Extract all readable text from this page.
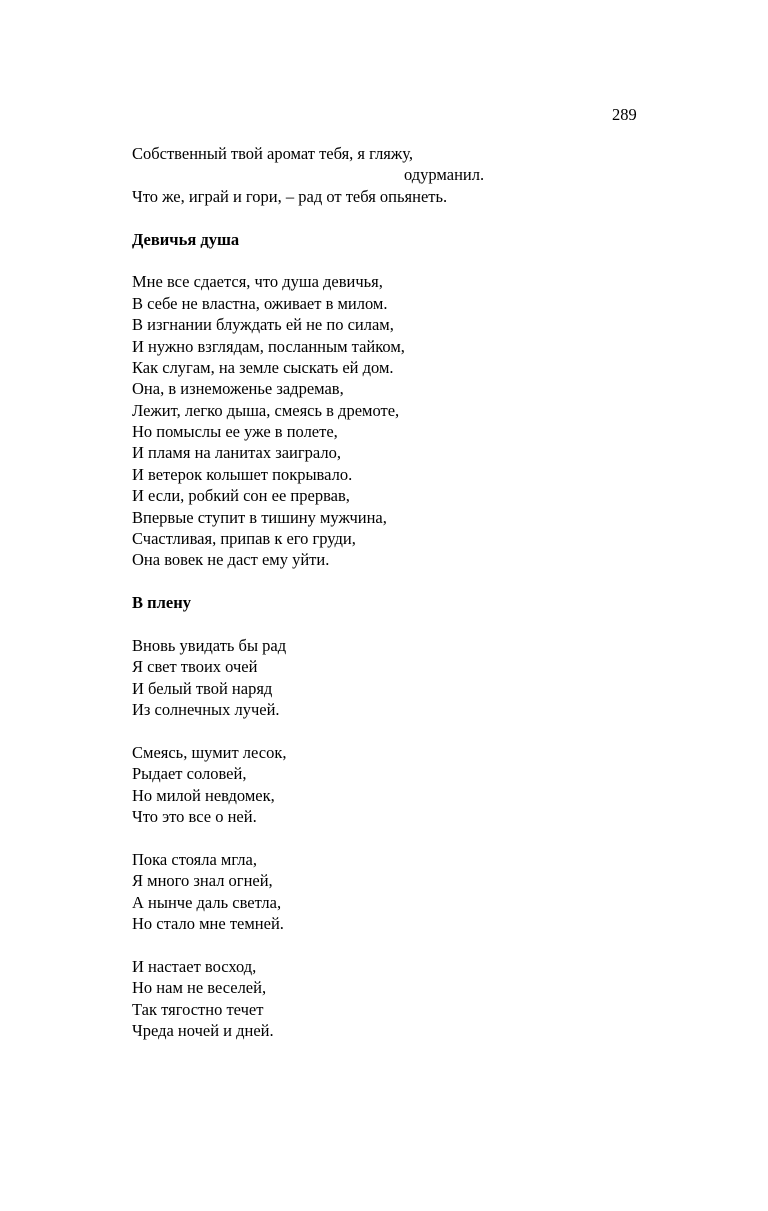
289
Собственный твой аромат тебя, я гляжу,
одурманил.
Что же, играй и гори, – рад от тебя опьянеть.
Девичья душа
Мне все сдается, что душа девичья,
В себе не властна, оживает в милом.
В изгнании блуждать ей не по силам,
И нужно взглядам, посланным тайком,
Как слугам, на земле сыскать ей дом.
Она, в изнеможенье задремав,
Лежит, легко дыша, смеясь в дремоте,
Но помыслы ее уже в полете,
И пламя на ланитах заиграло,
И ветерок колышет покрывало.
И если, робкий сон ее прервав,
Впервые ступит в тишину мужчина,
Счастливая, припав к его груди,
Она вовек не даст ему уйти.
В плену
Вновь увидать бы рад
Я свет твоих очей
И белый твой наряд
Из солнечных лучей.
Смеясь, шумит лесок,
Рыдает соловей,
Но милой невдомек,
Что это все о ней.
Пока стояла мгла,
Я много знал огней,
А нынче даль светла,
Но стало мне темней.
И настает восход,
Но нам не веселей,
Так тягостно течет
Чреда ночей и дней.
